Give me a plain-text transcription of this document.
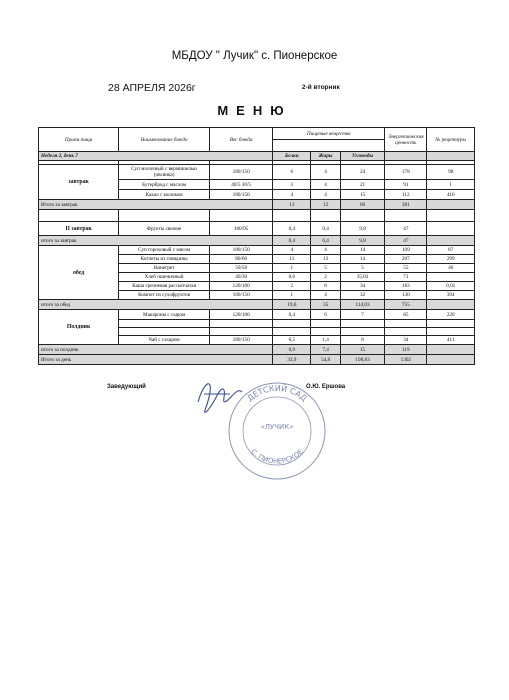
МБДОУ " Лучик" с. Пионерское
28 АПРЕЛЯ 2026г	2-й вторник
МЕНЮ
Прием пищи	Наименование блюда	Вес блюда	Пищевые вещества			Энергетическая ценность	№ рецептуры

Неделя 2, день 7			Белки	Жиры	Углеводы		

завтрак	Суп молочный с вермишелью (овсянка)	180/150	6	4	24	178	98
	Бутерброд с маслом	40/5 30/5	3	4	21	91	1
	Какао с молоком	180/150	4	4	15	112	416
Итого за завтрак			13	12	60	381	

II завтрак	Фрукты свежие	100/95	0,4	0,4	9,8	47	
итого за завтрак			0,4	0,4	9,8	47	
обед	Суп гороховый с мясом	180/150	4	4	14	109	87
	Котлеты из говядины	80/60	11	13	14	207	299
	Винегрет	50/50	1	5	5	55	46
	Хлеб пшеничный	40/30	0,6	2	35,03	71	
	Каша гречневая рассыпчатая	120/100	2	8	34	183	0,01
	Компот из сухофруктов	180/150	1	4	32	130	394
итого за обед			19,6	35	114,03	755	
Полдник	Макароны с сыром	120/100	0,4	6	7	85	220

	Чай с сахаром	180/150	0,5	1,4	8	34	411
итого за полдник			0,9	7,4	15	119	
Итого за день			33,9	54,8	198,83	1302	
Заведующий
ДЕТСКИЙ САД
«ЛУЧИК»
С. ПИОНЕРСКОЕ
О.Ю. Ершова
